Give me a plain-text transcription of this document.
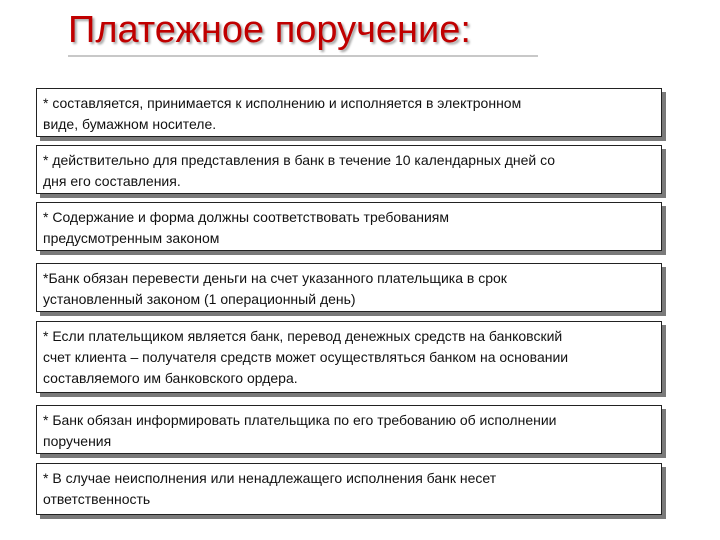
Платежное поручение:

* составляется, принимается к исполнению и исполняется в электронном

виде, бумажном носителе.

* действительно для представления в банк в течение 10 календарных дней со

дня его составления.

* Содержание и форма должны соответствовать требованиям

предусмотренным законом

*Банк обязан перевести деньги на счет указанного плательщика в срок

установленный законом (1 операционный день)

* Если плательщиком является банк, перевод денежных средств на банковский

счет клиента – получателя средств может осуществляться банком на основании

составляемого им банковского ордера.

* Банк обязан информировать плательщика по его требованию об исполнении

поручения

* В случае неисполнения или ненадлежащего исполнения банк несет

ответственность
